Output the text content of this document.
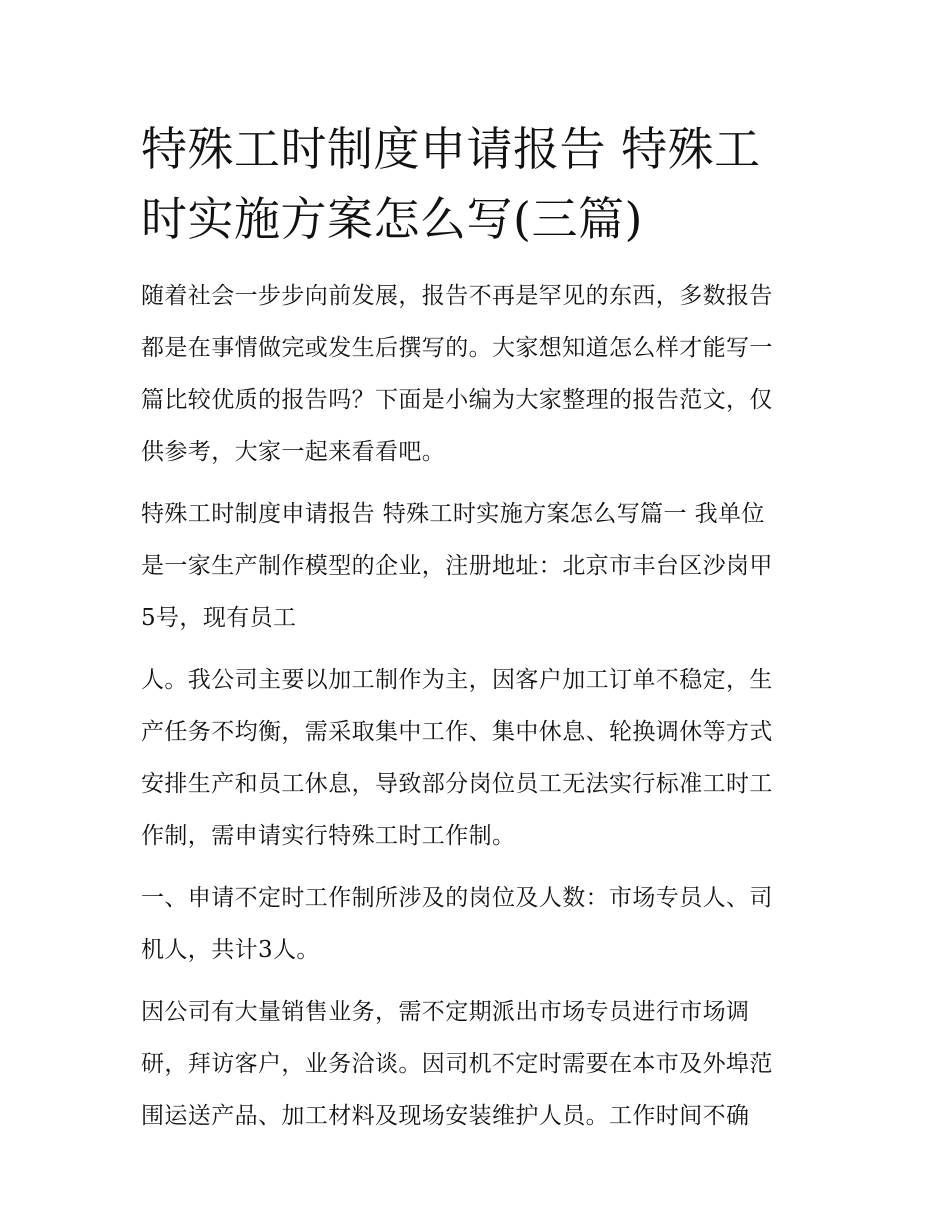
特殊工时制度申请报告 特殊工
时实施方案怎么写(三篇)

随着社会一步步向前发展，报告不再是罕见的东西，多数报告
都是在事情做完或发生后撰写的。大家想知道怎么样才能写一
篇比较优质的报告吗？下面是小编为大家整理的报告范文，仅
供参考，大家一起来看看吧。

特殊工时制度申请报告 特殊工时实施方案怎么写篇一 我单位
是一家生产制作模型的企业，注册地址：北京市丰台区沙岗甲
5号，现有员工

人。我公司主要以加工制作为主，因客户加工订单不稳定，生
产任务不均衡，需采取集中工作、集中休息、轮换调休等方式
安排生产和员工休息，导致部分岗位员工无法实行标准工时工
作制，需申请实行特殊工时工作制。

一、申请不定时工作制所涉及的岗位及人数：市场专员人、司
机人，共计3人。

因公司有大量销售业务，需不定期派出市场专员进行市场调
研，拜访客户，业务洽谈。因司机不定时需要在本市及外埠范
围运送产品、加工材料及现场安装维护人员。工作时间不确
